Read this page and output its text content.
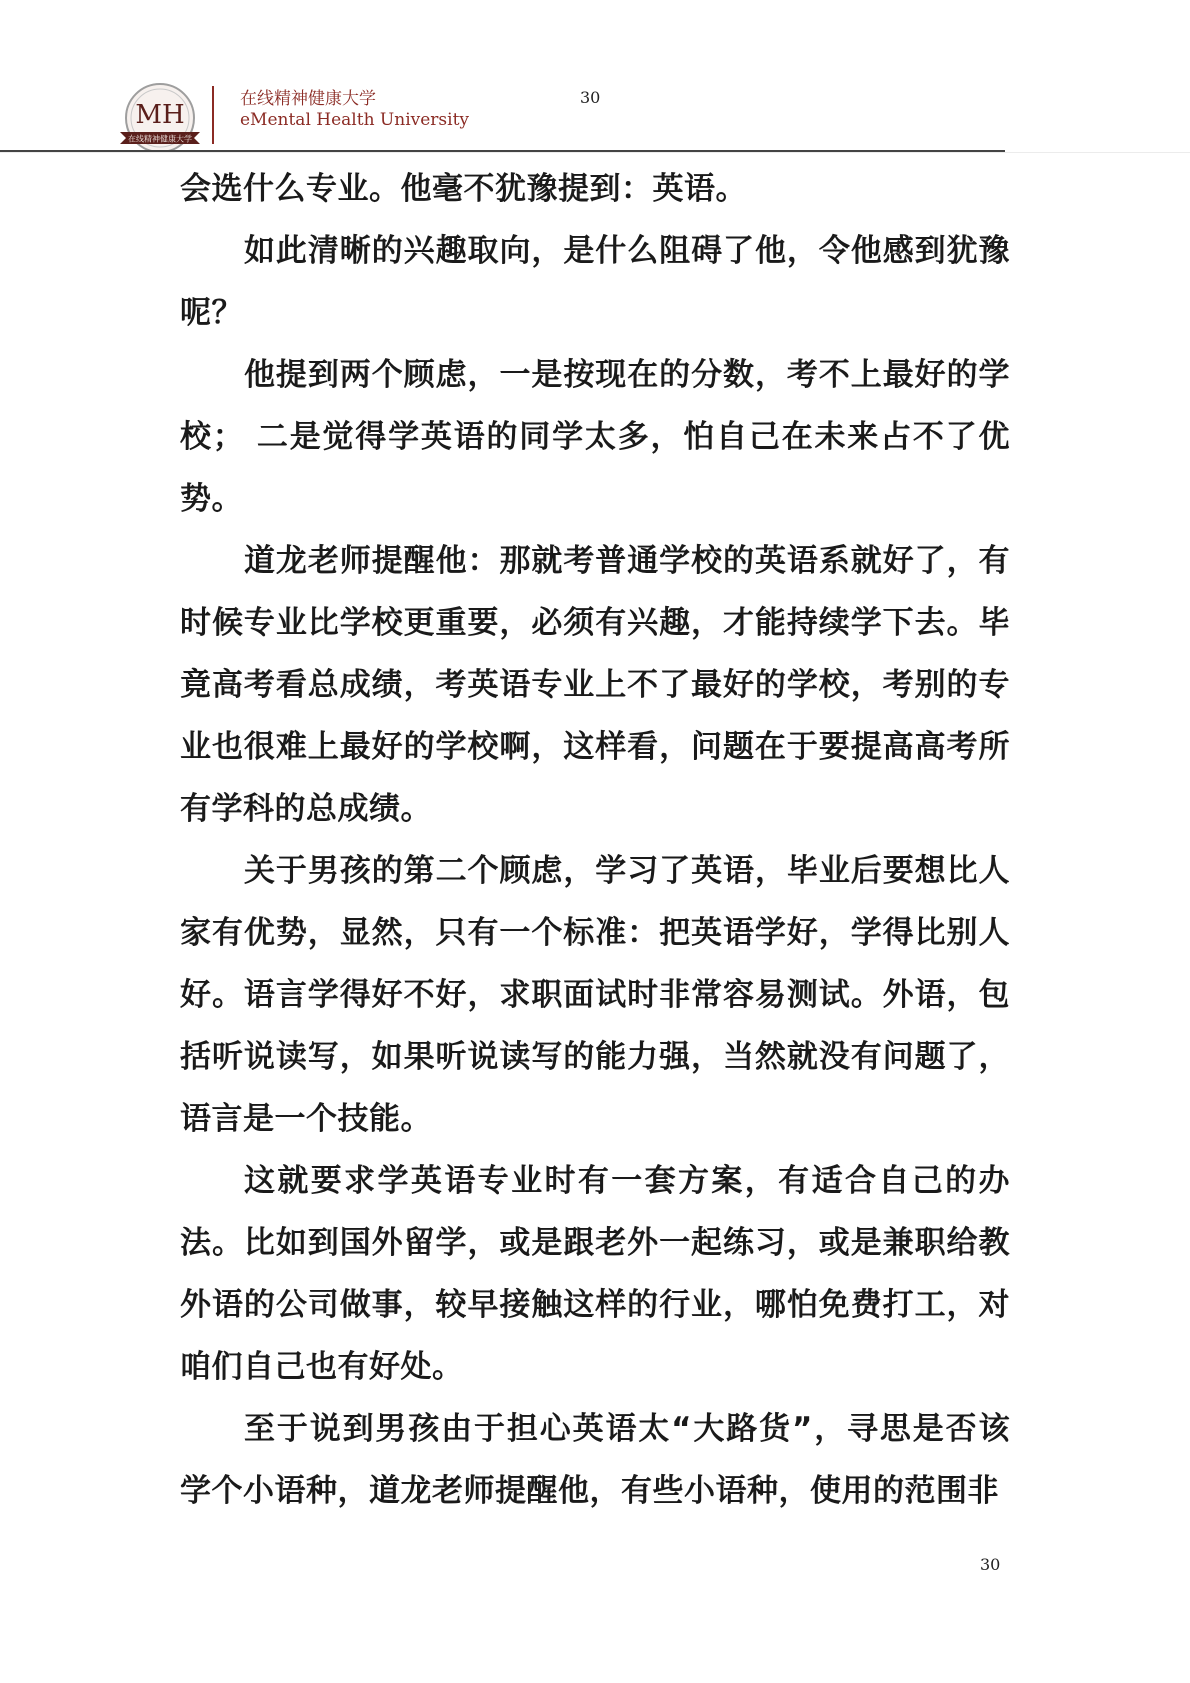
MH
在线精神健康大学
在线精神健康大学
eMental Health University
30

会选什么专业。他毫不犹豫提到：英语。

如此清晰的兴趣取向，是什么阻碍了他，令他感到犹豫呢？

他提到两个顾虑，一是按现在的分数，考不上最好的学校； 二是觉得学英语的同学太多，怕自己在未来占不了优势。

道龙老师提醒他：那就考普通学校的英语系就好了，有时候专业比学校更重要，必须有兴趣，才能持续学下去。毕竟高考看总成绩，考英语专业上不了最好的学校，考别的专业也很难上最好的学校啊，这样看，问题在于要提高高考所有学科的总成绩。

关于男孩的第二个顾虑，学习了英语，毕业后要想比人家有优势，显然，只有一个标准：把英语学好，学得比别人好。语言学得好不好，求职面试时非常容易测试。外语，包括听说读写，如果听说读写的能力强，当然就没有问题了，语言是一个技能。

这就要求学英语专业时有一套方案，有适合自己的办法。比如到国外留学，或是跟老外一起练习，或是兼职给教外语的公司做事，较早接触这样的行业，哪怕免费打工，对咱们自己也有好处。

至于说到男孩由于担心英语太“大路货”，寻思是否该学个小语种，道龙老师提醒他，有些小语种，使用的范围非

30
